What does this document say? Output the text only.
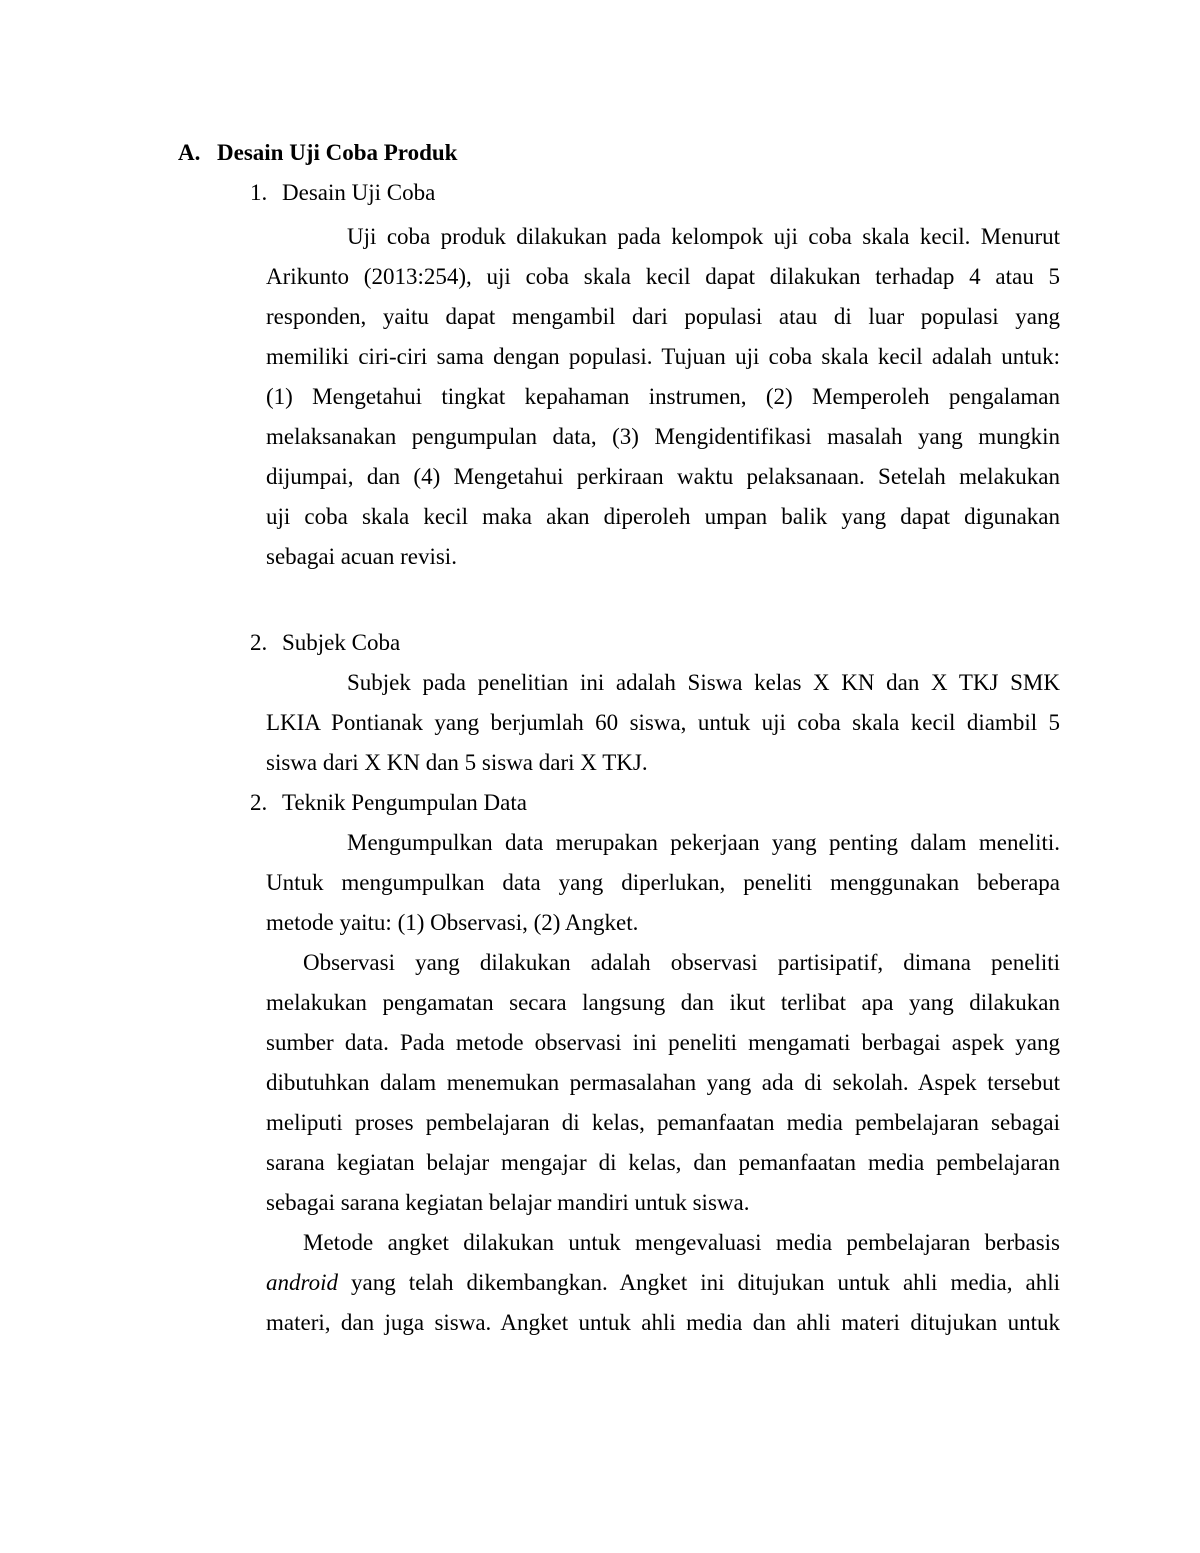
A. Desain Uji Coba Produk
1. Desain Uji Coba
Uji coba produk dilakukan pada kelompok uji coba skala kecil. Menurut
Arikunto (2013:254), uji coba skala kecil dapat dilakukan terhadap 4 atau 5
responden, yaitu dapat mengambil dari populasi atau di luar populasi yang
memiliki ciri-ciri sama dengan populasi. Tujuan uji coba skala kecil adalah untuk:
(1) Mengetahui tingkat kepahaman instrumen, (2) Memperoleh pengalaman
melaksanakan pengumpulan data, (3) Mengidentifikasi masalah yang mungkin
dijumpai, dan (4) Mengetahui perkiraan waktu pelaksanaan. Setelah melakukan
uji coba skala kecil maka akan diperoleh umpan balik yang dapat digunakan
sebagai acuan revisi.
2. Subjek Coba
Subjek pada penelitian ini adalah Siswa kelas X KN dan X TKJ SMK
LKIA Pontianak yang berjumlah 60 siswa, untuk uji coba skala kecil diambil 5
siswa dari X KN dan 5 siswa dari X TKJ.
2. Teknik Pengumpulan Data
Mengumpulkan data merupakan pekerjaan yang penting dalam meneliti.
Untuk mengumpulkan data yang diperlukan, peneliti menggunakan beberapa
metode yaitu: (1) Observasi, (2) Angket.
Observasi yang dilakukan adalah observasi partisipatif, dimana peneliti
melakukan pengamatan secara langsung dan ikut terlibat apa yang dilakukan
sumber data. Pada metode observasi ini peneliti mengamati berbagai aspek yang
dibutuhkan dalam menemukan permasalahan yang ada di sekolah. Aspek tersebut
meliputi proses pembelajaran di kelas, pemanfaatan media pembelajaran sebagai
sarana kegiatan belajar mengajar di kelas, dan pemanfaatan media pembelajaran
sebagai sarana kegiatan belajar mandiri untuk siswa.
Metode angket dilakukan untuk mengevaluasi media pembelajaran berbasis
android yang telah dikembangkan. Angket ini ditujukan untuk ahli media, ahli
materi, dan juga siswa. Angket untuk ahli media dan ahli materi ditujukan untuk
